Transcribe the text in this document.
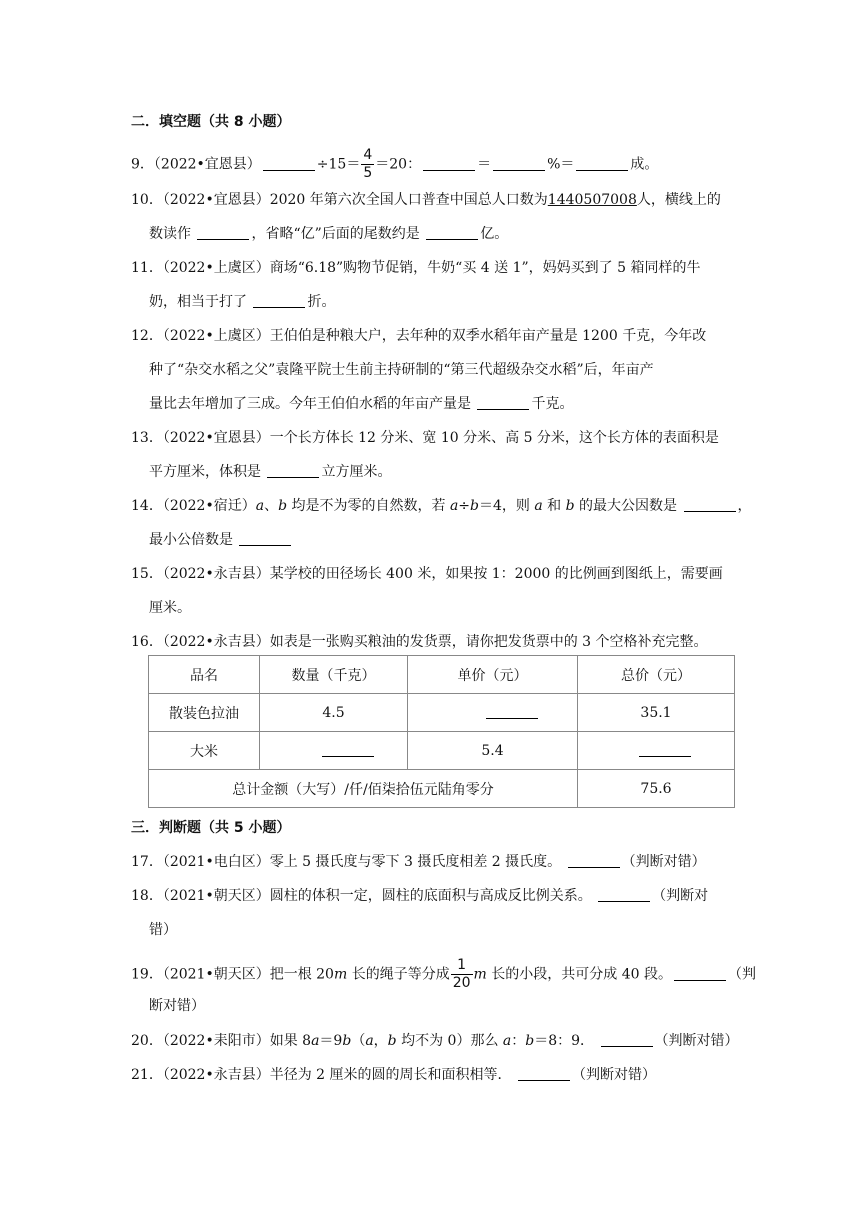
二．填空题（共 8 小题）
9．（2022•宜恩县）	$\div 15= \frac{4}{5} =20$：	＝	%＝	成。
10．（2022•宜恩县）2020 年第六次全国人口普查中国总人口数为1440507008人，横线上的
数读作	，省略“亿”后面的尾数约是	亿。
11．（2022•上虞区）商场“6.18”购物节促销，牛奶“买 4 送 1”，妈妈买到了 5 箱同样的牛
奶，相当于打了	折。
12．（2022•上虞区）王伯伯是种粮大户，去年种的双季水稻年亩产量是 1200 千克，今年改
种了“杂交水稻之父”袁隆平院士生前主持研制的“第三代超级杂交水稻”后，年亩产
量比去年增加了三成。今年王伯伯水稻的年亩产量是	千克。
13．（2022•宜恩县）一个长方体长 12 分米、宽 10 分米、高 5 分米，这个长方体的表面积是
平方厘米，体积是	立方厘米。
14．（2022•宿迁）a、b 均是不为零的自然数，若 a÷b＝4，则 a 和 b 的最大公因数是	，
最小公倍数是
15．（2022•永吉县）某学校的田径场长 400 米，如果按 1：2000 的比例画到图纸上，需要画
厘米。
16．（2022•永吉县）如表是一张购买粮油的发货票，请你把发货票中的 3 个空格补充完整。
品名	数量（千克）	单价（元）	总价（元）
散装色拉油	4.5		35.1
大米		5.4	
总计金额（大写）/仟/佰柒拾伍元陆角零分			75.6
三．判断题（共 5 小题）
17．（2021•电白区）零上 5 摄氏度与零下 3 摄氏度相差 2 摄氏度。	（判断对错）
18．（2021•朝天区）圆柱的体积一定，圆柱的底面积与高成反比例关系。	（判断对
错）
19．（2021•朝天区）把一根 20m 长的绳子等分成 $\frac{1}{20}$ m 长的小段，共可分成 40 段。	（判
断对错）
20．（2022•耒阳市）如果 8a＝9b（a，b 均不为 0）那么 a：b＝8：9．	（判断对错）
21．（2022•永吉县）半径为 2 厘米的圆的周长和面积相等．	（判断对错）
